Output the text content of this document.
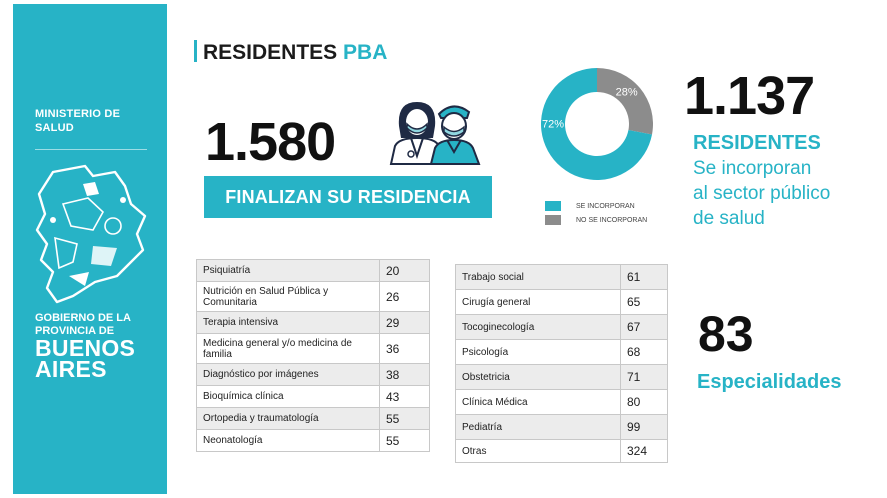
MINISTERIO DE
SALUD
GOBIERNO DE LA
PROVINCIA DE
BUENOS
AIRES
RESIDENTES PBA
1.580
FINALIZAN SU RESIDENCIA
28%
72%
SE INCORPORAN
NO SE INCORPORAN
1.137
RESIDENTES
Se incorporan
al sector público
de salud
Psiquiatría	20
Nutrición en Salud Pública y Comunitaria	26
Terapia intensiva	29
Medicina general y/o medicina de familia	36
Diagnóstico por imágenes	38
Bioquímica clínica	43
Ortopedia y traumatología	55
Neonatología	55
Trabajo social	61
Cirugía general	65
Tocoginecología	67
Psicología	68
Obstetricia	71
Clínica Médica	80
Pediatría	99
Otras	324
83
Especialidades
